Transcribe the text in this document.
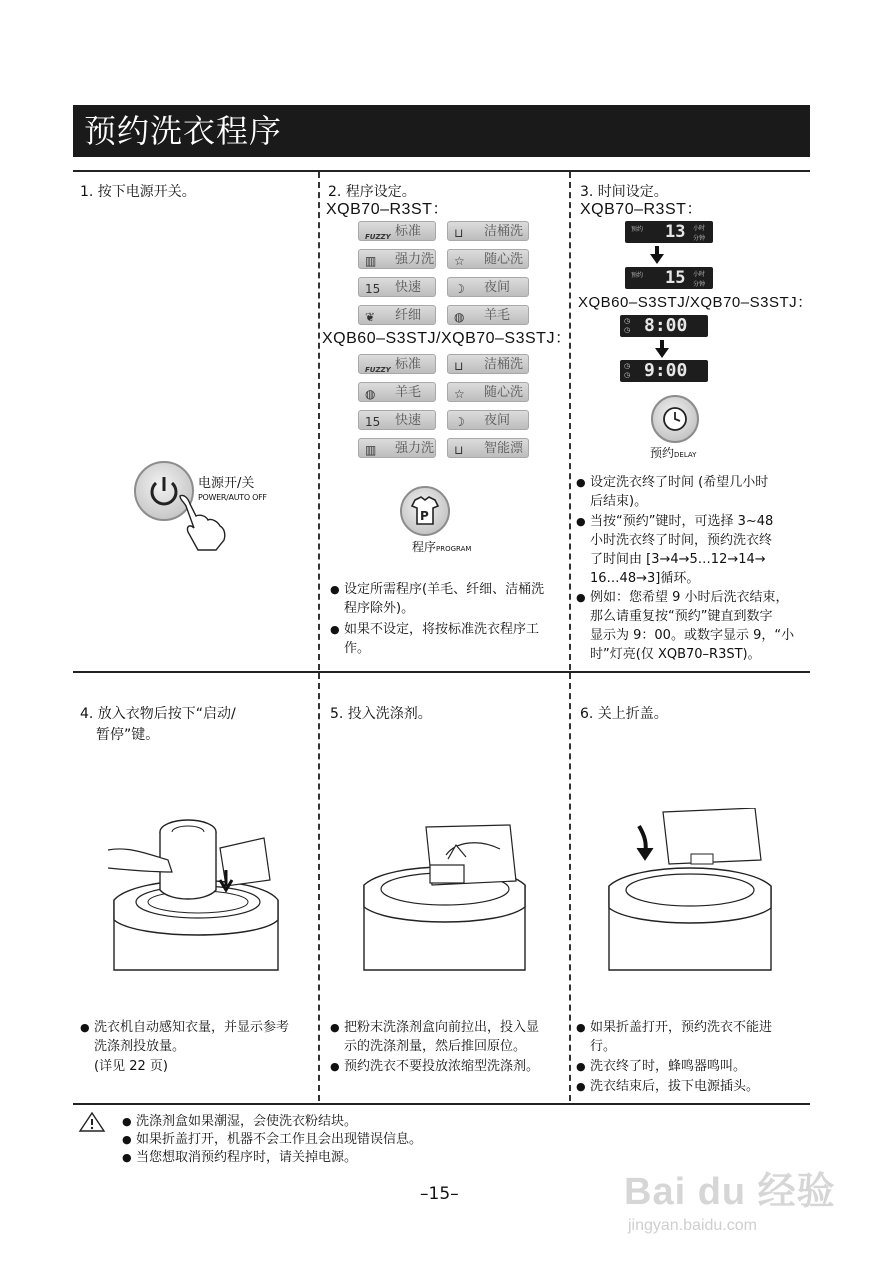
预约洗衣程序
1. 按下电源开关。
电源开/关
POWER/AUTO OFF
2. 程序设定。
XQB70–R3ST：
FUZZY 标准	⊔ 洁桶洗
▥ 强力洗 ☆ 随心洗
15 快速	☽ 夜间
❦ 纤细	◍ 羊毛
XQB60–S3STJ/XQB70–S3STJ：
FUZZY 标准	⊔ 洁桶洗
◍ 羊毛	☆ 随心洗
15 快速	☽ 夜间
▥ 强力洗 ⊔ 智能漂
P
程序PROGRAM
● 设定所需程序(羊毛、纤细、洁桶洗
程序除外)。
● 如果不设定，将按标准洗衣程序工
作。
3. 时间设定。
XQB70–R3ST：
预约 13 小时
分钟
预约 15 小时
分钟
XQB60–S3STJ/XQB70–S3STJ：
◷
◷ 8:00
◷
◷ 9:00
预约DELAY
● 设定洗衣终了时间 (希望几小时
后结束)。
● 当按“预约”键时，可选择 3~48
小时洗衣终了时间，预约洗衣终
了时间由 [3→4→5…12→14→
16…48→3]循环。
● 例如：您希望 9 小时后洗衣结束，
那么请重复按“预约”键直到数字
显示为 9：00。或数字显示 9，“小
时”灯亮(仅 XQB70–R3ST)。
4. 放入衣物后按下“启动/
暂停”键。
● 洗衣机自动感知衣量，并显示参考
洗涤剂投放量。
(详见 22 页)
5. 投入洗涤剂。
● 把粉末洗涤剂盒向前拉出，投入显
示的洗涤剂量，然后推回原位。
● 预约洗衣不要投放浓缩型洗涤剂。
6. 关上折盖。
● 如果折盖打开，预约洗衣不能进
行。
● 洗衣终了时，蜂鸣器鸣叫。
● 洗衣结束后，拔下电源插头。
● 洗涤剂盒如果潮湿，会使洗衣粉结块。
● 如果折盖打开，机器不会工作且会出现错误信息。
● 当您想取消预约程序时，请关掉电源。
–15–	Bai du 经验
jingyan.baidu.com
